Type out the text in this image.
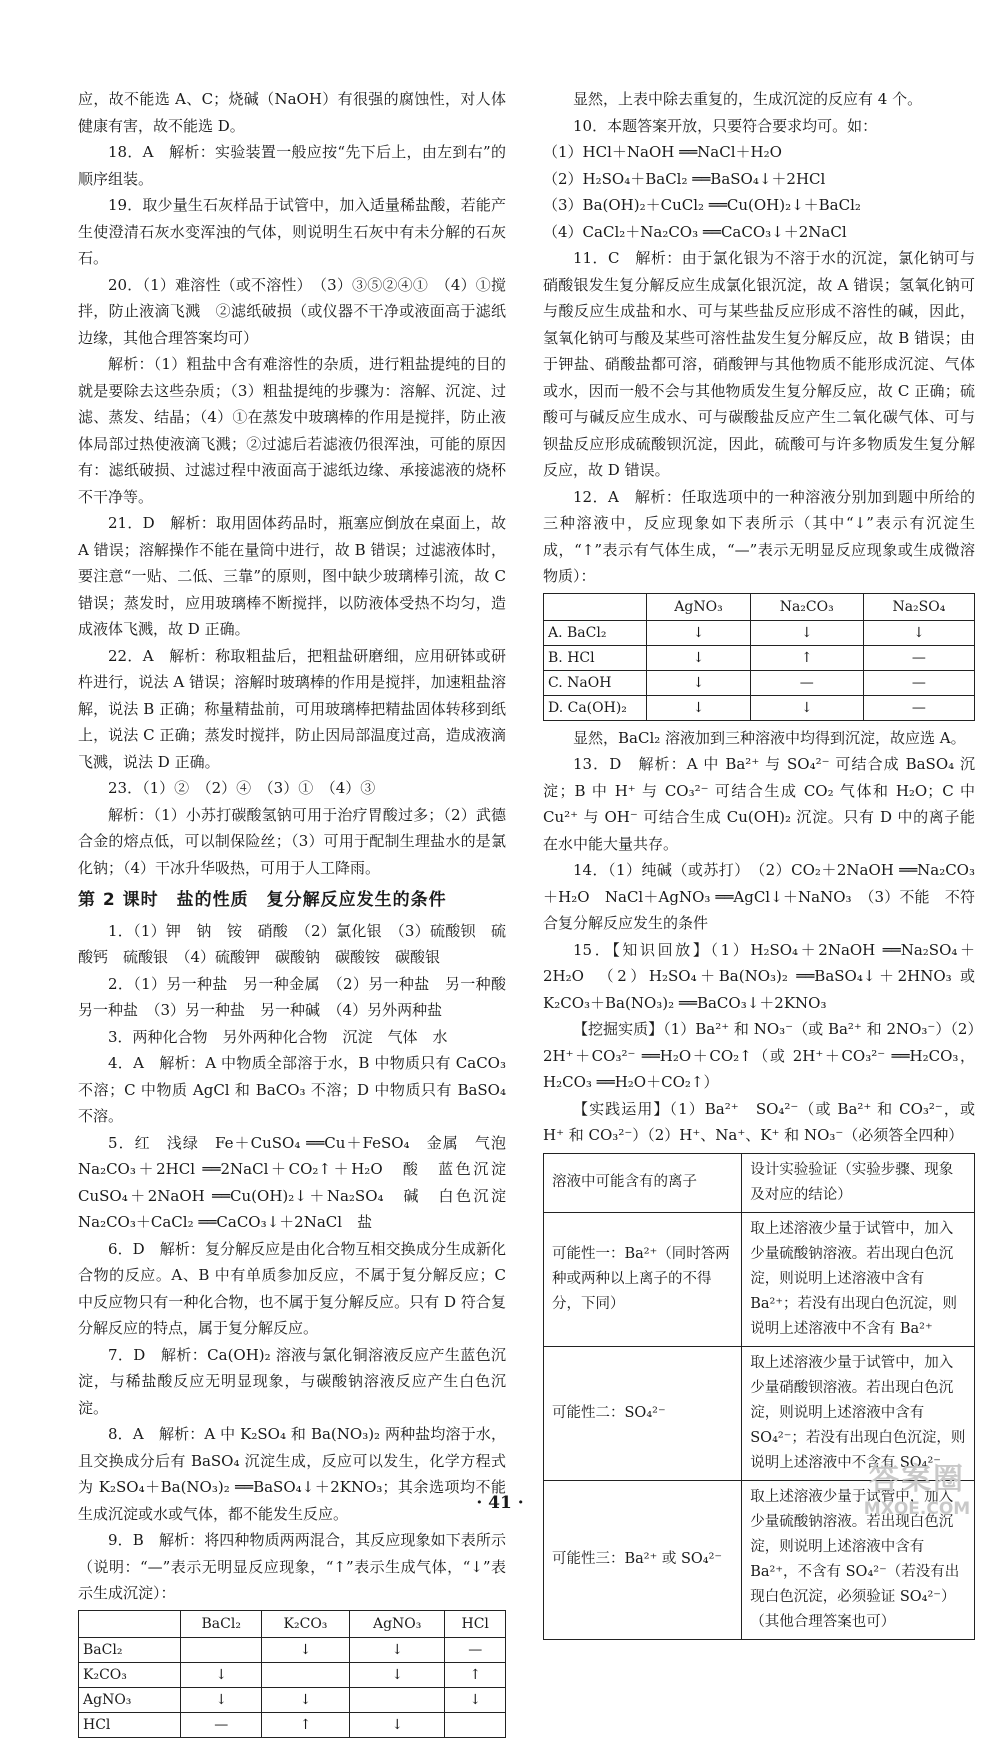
应，故不能选 A、C；烧碱（NaOH）有很强的腐蚀性，对人体健康有害，故不能选 D。

18．A　解析：实验装置一般应按“先下后上，由左到右”的顺序组装。

19．取少量生石灰样品于试管中，加入适量稀盐酸，若能产生使澄清石灰水变浑浊的气体，则说明生石灰中有未分解的石灰石。

20．（1）难溶性（或不溶性）　（3）③⑤②④①　（4）①搅拌，防止液滴飞溅　②滤纸破损（或仪器不干净或液面高于滤纸边缘，其他合理答案均可）

解析：（1）粗盐中含有难溶性的杂质，进行粗盐提纯的目的就是要除去这些杂质；（3）粗盐提纯的步骤为：溶解、沉淀、过滤、蒸发、结晶；（4）①在蒸发中玻璃棒的作用是搅拌，防止液体局部过热使液滴飞溅；②过滤后若滤液仍很浑浊，可能的原因有：滤纸破损、过滤过程中液面高于滤纸边缘、承接滤液的烧杯不干净等。

21．D　解析：取用固体药品时，瓶塞应倒放在桌面上，故 A 错误；溶解操作不能在量筒中进行，故 B 错误；过滤液体时，要注意“一贴、二低、三靠”的原则，图中缺少玻璃棒引流，故 C 错误；蒸发时，应用玻璃棒不断搅拌，以防液体受热不均匀，造成液体飞溅，故 D 正确。

22．A　解析：称取粗盐后，把粗盐研磨细，应用研钵或研杵进行，说法 A 错误；溶解时玻璃棒的作用是搅拌，加速粗盐溶解，说法 B 正确；称量精盐前，可用玻璃棒把精盐固体转移到纸上，说法 C 正确；蒸发时搅拌，防止因局部温度过高，造成液滴飞溅，说法 D 正确。

23．（1）②　（2）④　（3）①　（4）③

解析：（1）小苏打碳酸氢钠可用于治疗胃酸过多；（2）武德合金的熔点低，可以制保险丝；（3）可用于配制生理盐水的是氯化钠；（4）干冰升华吸热，可用于人工降雨。

第 2 课时　盐的性质　复分解反应发生的条件

1．（1）钾　钠　铵　硝酸　（2）氯化银　（3）硫酸钡　硫酸钙　硫酸银　（4）硫酸钾　碳酸钠　碳酸铵　碳酸银

2．（1）另一种盐　另一种金属　（2）另一种盐　另一种酸　另一种盐　（3）另一种盐　另一种碱　（4）另外两种盐

3．两种化合物　另外两种化合物　沉淀　气体　水

4．A　解析：A 中物质全部溶于水，B 中物质只有 CaCO₃ 不溶；C 中物质 AgCl 和 BaCO₃ 不溶；D 中物质只有 BaSO₄ 不溶。

5．红　浅绿　Fe＋CuSO₄ ══Cu＋FeSO₄　金属　气泡　Na₂CO₃＋2HCl ══2NaCl＋CO₂↑＋H₂O　酸　蓝色沉淀　CuSO₄＋2NaOH ══Cu(OH)₂↓＋Na₂SO₄　碱　白色沉淀　Na₂CO₃＋CaCl₂ ══CaCO₃↓＋2NaCl　盐

6．D　解析：复分解反应是由化合物互相交换成分生成新化合物的反应。A、B 中有单质参加反应，不属于复分解反应；C 中反应物只有一种化合物，也不属于复分解反应。只有 D 符合复分解反应的特点，属于复分解反应。

7．D　解析：Ca(OH)₂ 溶液与氯化铜溶液反应产生蓝色沉淀，与稀盐酸反应无明显现象，与碳酸钠溶液反应产生白色沉淀。

8．A　解析：A 中 K₂SO₄ 和 Ba(NO₃)₂ 两种盐均溶于水，且交换成分后有 BaSO₄ 沉淀生成，反应可以发生，化学方程式为 K₂SO₄＋Ba(NO₃)₂ ══BaSO₄↓＋2KNO₃；其余选项均不能生成沉淀或水或气体，都不能发生反应。

9．B　解析：将四种物质两两混合，其反应现象如下表所示（说明：“—”表示无明显反应现象，“↑”表示生成气体，“↓”表示生成沉淀）：

	BaCl₂	K₂CO₃	AgNO₃	HCl
BaCl₂		↓	↓	—
K₂CO₃	↓		↓	↑
AgNO₃	↓	↓		↓
HCl	—	↑	↓	

显然，上表中除去重复的，生成沉淀的反应有 4 个。

10．本题答案开放，只要符合要求均可。如：

（1）HCl＋NaOH ══NaCl＋H₂O

（2）H₂SO₄＋BaCl₂ ══BaSO₄↓＋2HCl

（3）Ba(OH)₂＋CuCl₂ ══Cu(OH)₂↓＋BaCl₂

（4）CaCl₂＋Na₂CO₃ ══CaCO₃↓＋2NaCl

11．C　解析：由于氯化银为不溶于水的沉淀，氯化钠可与硝酸银发生复分解反应生成氯化银沉淀，故 A 错误；氢氧化钠可与酸反应生成盐和水、可与某些盐反应形成不溶性的碱，因此，氢氧化钠可与酸及某些可溶性盐发生复分解反应，故 B 错误；由于钾盐、硝酸盐都可溶，硝酸钾与其他物质不能形成沉淀、气体或水，因而一般不会与其他物质发生复分解反应，故 C 正确；硫酸可与碱反应生成水、可与碳酸盐反应产生二氧化碳气体、可与钡盐反应形成硫酸钡沉淀，因此，硫酸可与许多物质发生复分解反应，故 D 错误。

12．A　解析：任取选项中的一种溶液分别加到题中所给的三种溶液中，反应现象如下表所示（其中“↓”表示有沉淀生成，“↑”表示有气体生成，“—”表示无明显反应现象或生成微溶物质）：

	AgNO₃	Na₂CO₃	Na₂SO₄
A. BaCl₂	↓	↓	↓
B. HCl	↓	↑	—
C. NaOH	↓	—	—
D. Ca(OH)₂	↓	↓	—

显然，BaCl₂ 溶液加到三种溶液中均得到沉淀，故应选 A。

13．D　解析：A 中 Ba²⁺ 与 SO₄²⁻ 可结合成 BaSO₄ 沉淀；B 中 H⁺ 与 CO₃²⁻ 可结合生成 CO₂ 气体和 H₂O；C 中 Cu²⁺ 与 OH⁻ 可结合生成 Cu(OH)₂ 沉淀。只有 D 中的离子能在水中能大量共存。

14．（1）纯碱（或苏打）　（2）CO₂＋2NaOH ══Na₂CO₃＋H₂O　NaCl＋AgNO₃ ══AgCl↓＋NaNO₃　（3）不能　不符合复分解反应发生的条件

15．【知识回放】（1）H₂SO₄＋2NaOH ══Na₂SO₄＋2H₂O　（2）H₂SO₄＋Ba(NO₃)₂ ══BaSO₄↓＋2HNO₃ 或 K₂CO₃＋Ba(NO₃)₂ ══BaCO₃↓＋2KNO₃

【挖掘实质】（1）Ba²⁺ 和 NO₃⁻（或 Ba²⁺ 和 2NO₃⁻）（2）2H⁺＋CO₃²⁻ ══H₂O＋CO₂↑（或 2H⁺＋CO₃²⁻ ══H₂CO₃，H₂CO₃ ══H₂O＋CO₂↑）

【实践运用】（1）Ba²⁺　SO₄²⁻（或 Ba²⁺ 和 CO₃²⁻，或 H⁺ 和 CO₃²⁻）（2）H⁺、Na⁺、K⁺ 和 NO₃⁻（必须答全四种）

溶液中可能含有的离子	设计实验验证（实验步骤、现象及对应的结论）
可能性一：Ba²⁺（同时答两种或两种以上离子的不得分，下同）	取上述溶液少量于试管中，加入少量硫酸钠溶液。若出现白色沉淀，则说明上述溶液中含有 Ba²⁺；若没有出现白色沉淀，则说明上述溶液中不含有 Ba²⁺
可能性二：SO₄²⁻	取上述溶液少量于试管中，加入少量硝酸钡溶液。若出现白色沉淀，则说明上述溶液中含有 SO₄²⁻；若没有出现白色沉淀，则说明上述溶液中不含有 SO₄²⁻
可能性三：Ba²⁺ 或 SO₄²⁻	取上述溶液少量于试管中，加入少量硫酸钠溶液。若出现白色沉淀，则说明上述溶液中含有 Ba²⁺，不含有 SO₄²⁻（若没有出现白色沉淀，必须验证 SO₄²⁻）（其他合理答案也可）
· 41 ·
答案圈
MXQE.COM
